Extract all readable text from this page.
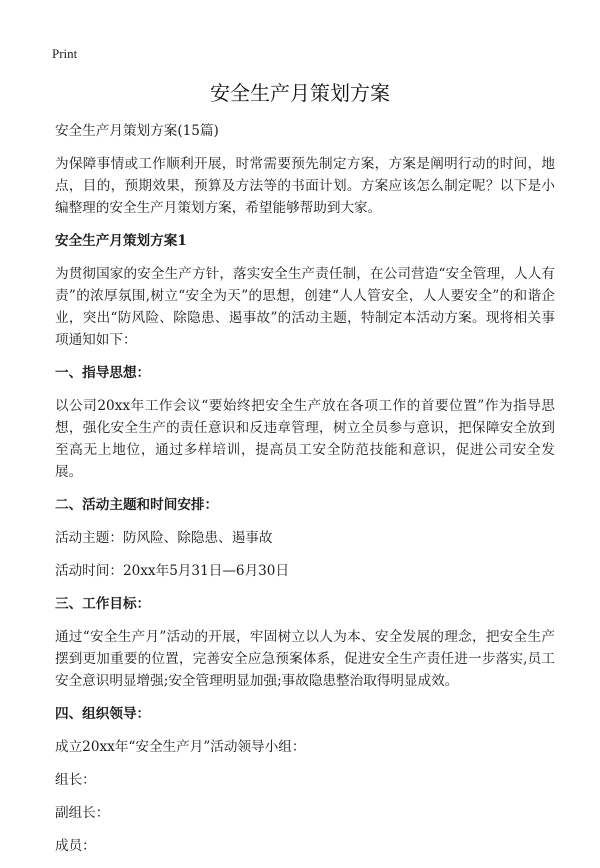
Print
安全生产月策划方案

安全生产月策划方案(15篇)

为保障事情或工作顺利开展，时常需要预先制定方案，方案是阐明行动的时间，地点，目的，预期效果，预算及方法等的书面计划。方案应该怎么制定呢？以下是小编整理的安全生产月策划方案，希望能够帮助到大家。

安全生产月策划方案1

为贯彻国家的安全生产方针，落实安全生产责任制，在公司营造“安全管理，人人有责”的浓厚氛围,树立“安全为天”的思想，创建“人人管安全，人人要安全”的和谐企业，突出“防风险、除隐患、遏事故”的活动主题，特制定本活动方案。现将相关事项通知如下：

一、指导思想：

以公司20xx年工作会议“要始终把安全生产放在各项工作的首要位置”作为指导思想，强化安全生产的责任意识和反违章管理，树立全员参与意识，把保障安全放到至高无上地位，通过多样培训，提高员工安全防范技能和意识，促进公司安全发展。

二、活动主题和时间安排：

活动主题：防风险、除隐患、遏事故

活动时间：20xx年5月31日—6月30日

三、工作目标：

通过“安全生产月”活动的开展，牢固树立以人为本、安全发展的理念，把安全生产摆到更加重要的位置，完善安全应急预案体系，促进安全生产责任进一步落实,员工安全意识明显增强;安全管理明显加强;事故隐患整治取得明显成效。

四、组织领导：

成立20xx年“安全生产月”活动领导小组：

组长：

副组长：

成员：
